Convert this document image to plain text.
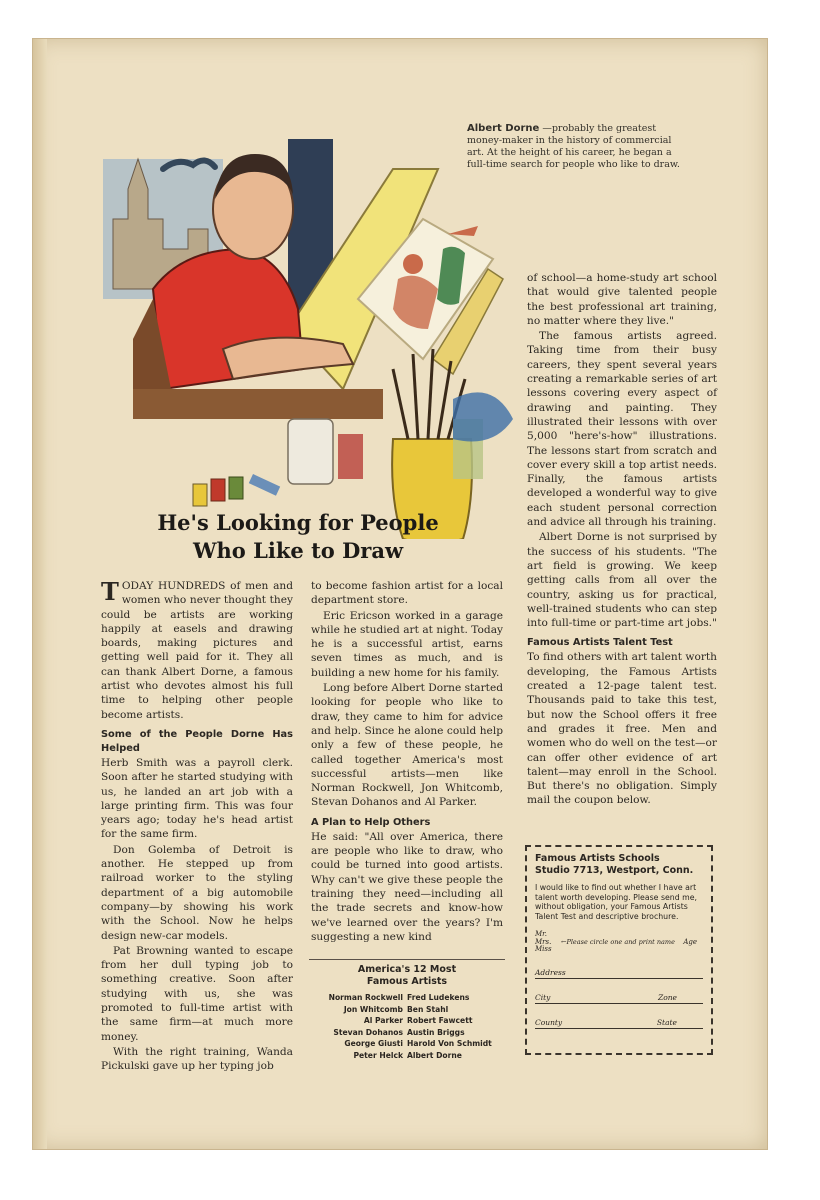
Albert Dorne —probably the greatest money-maker in the history of commercial art. At the height of his career, he began a full-time search for people who like to draw.
He's Looking for People
Who Like to Draw

TODAY HUNDREDS of men and women who never thought they could be artists are working happily at easels and drawing boards, making pictures and getting well paid for it. They all can thank Albert Dorne, a famous artist who devotes almost his full time to helping other people become artists.

Some of the People Dorne Has Helped

Herb Smith was a payroll clerk. Soon after he started studying with us, he landed an art job with a large printing firm. This was four years ago; today he's head artist for the same firm.

Don Golemba of Detroit is another. He stepped up from railroad worker to the styling department of a big automobile company—by showing his work with the School. Now he helps design new-car models.

Pat Browning wanted to escape from her dull typing job to something creative. Soon after studying with us, she was promoted to full-time artist with the same firm—at much more money.

With the right training, Wanda Pickulski gave up her typing job

to become fashion artist for a local department store.

Eric Ericson worked in a garage while he studied art at night. Today he is a successful artist, earns seven times as much, and is building a new home for his family.

Long before Albert Dorne started looking for people who like to draw, they came to him for advice and help. Since he alone could help only a few of these people, he called together America's most successful artists—men like Norman Rockwell, Jon Whitcomb, Stevan Dohanos and Al Parker.

A Plan to Help Others

He said: "All over America, there are people who like to draw, who could be turned into good artists. Why can't we give these people the training they need—including all the trade secrets and know-how we've learned over the years? I'm suggesting a new kind

of school—a home-study art school that would give talented people the best professional art training, no matter where they live."

The famous artists agreed. Taking time from their busy careers, they spent several years creating a remarkable series of art lessons covering every aspect of drawing and painting. They illustrated their lessons with over 5,000 "here's-how" illustrations. The lessons start from scratch and cover every skill a top artist needs. Finally, the famous artists developed a wonderful way to give each student personal correction and advice all through his training.

Albert Dorne is not surprised by the success of his students. "The art field is growing. We keep getting calls from all over the country, asking us for practical, well-trained students who can step into full-time or part-time art jobs."

Famous Artists Talent Test

To find others with art talent worth developing, the Famous Artists created a 12-page talent test. Thousands paid to take this test, but now the School offers it free and grades it free. Men and women who do well on the test—or can offer other evidence of art talent—may enroll in the School. But there's no obligation. Simply mail the coupon below.

America's 12 Most
Famous Artists
Norman Rockwell	Fred Ludekens
Jon Whitcomb	Ben Stahl
Al Parker	Robert Fawcett
Stevan Dohanos	Austin Briggs
George Giusti	Harold Von Schmidt
Peter Helck	Albert Dorne
Famous Artists Schools
Studio 7713, Westport, Conn.
I would like to find out whether I have art talent worth developing. Please send me, without obligation, your Famous Artists Talent Test and descriptive brochure.
Mr.
Mrs.
Miss
←Please circle one and print name Age
Address
City	Zone
County	State
